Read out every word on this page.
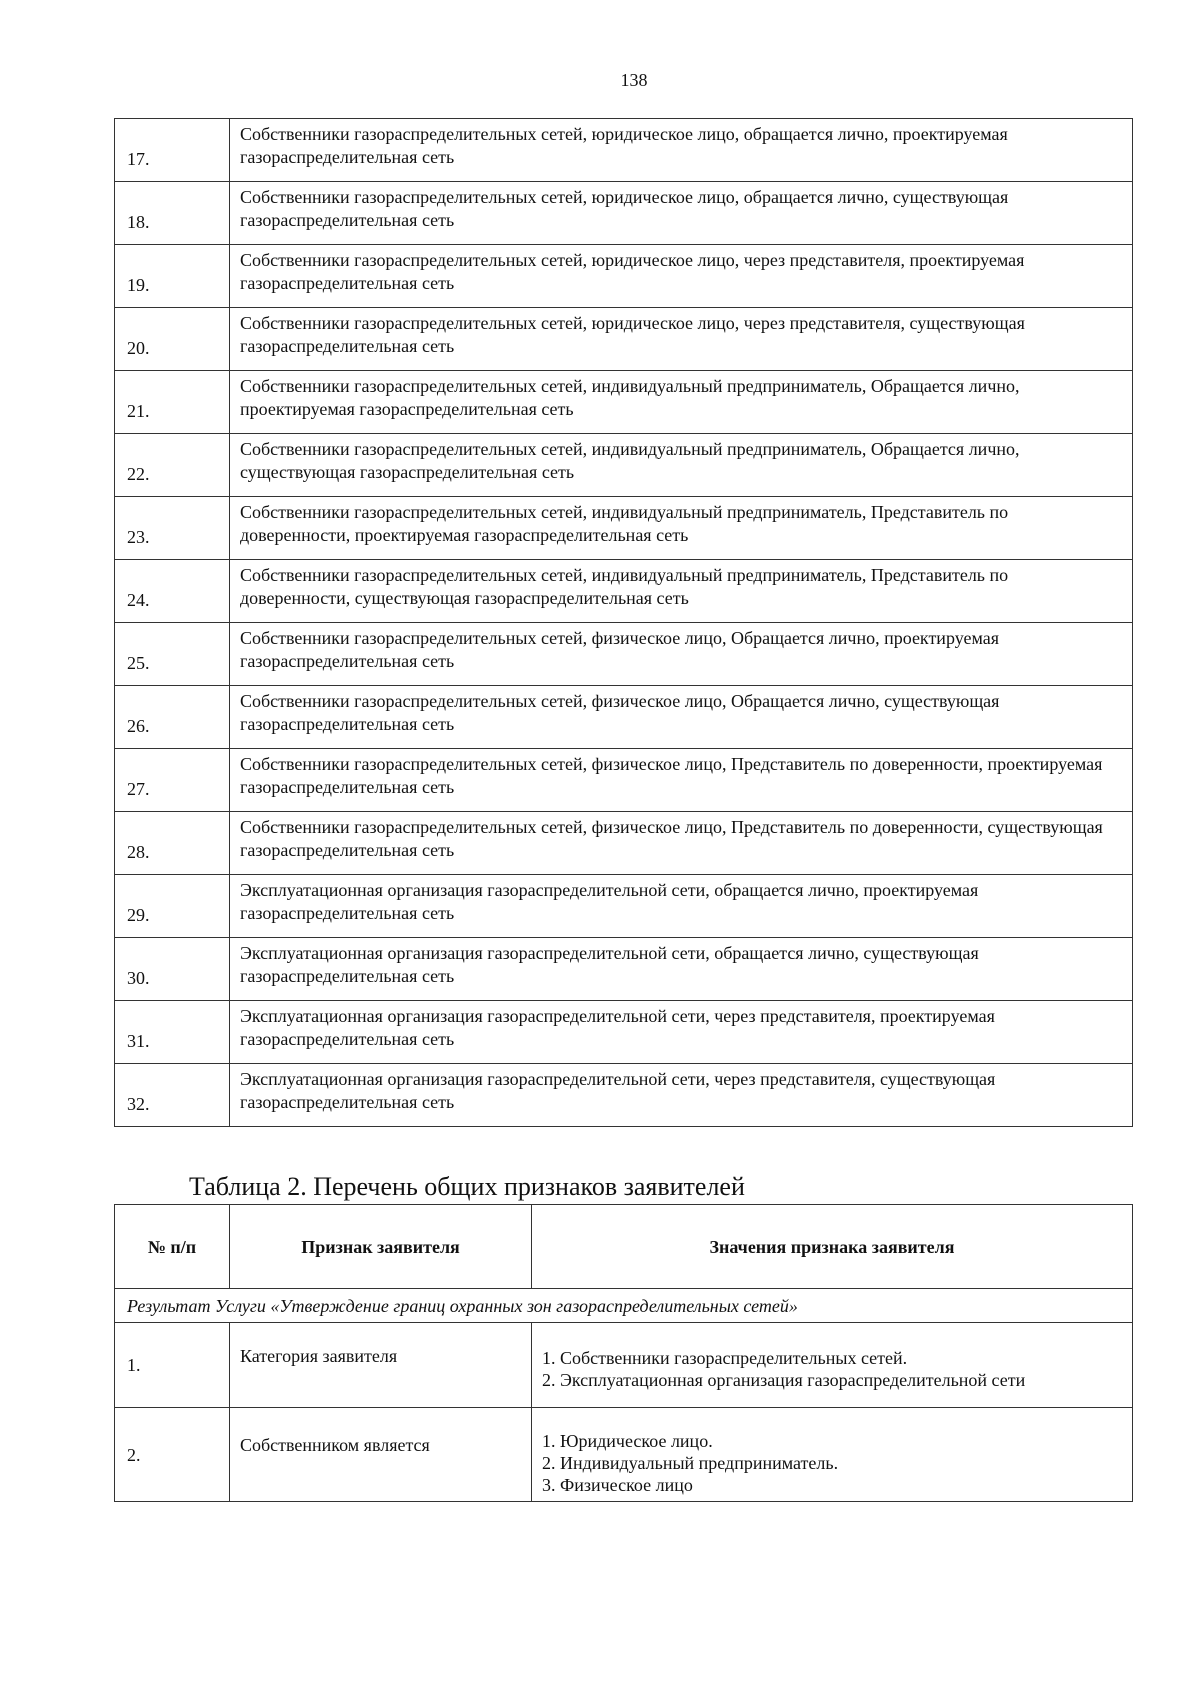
138
17.	Собственники газораспределительных сетей, юридическое лицо, обращается лично, проектируемая газораспределительная сеть
18.	Собственники газораспределительных сетей, юридическое лицо, обращается лично, существующая газораспределительная сеть
19.	Собственники газораспределительных сетей, юридическое лицо, через представителя, проектируемая газораспределительная сеть
20.	Собственники газораспределительных сетей, юридическое лицо, через представителя, существующая газораспределительная сеть
21.	Собственники газораспределительных сетей, индивидуальный предприниматель, Обращается лично, проектируемая газораспределительная сеть
22.	Собственники газораспределительных сетей, индивидуальный предприниматель, Обращается лично, существующая газораспределительная сеть
23.	Собственники газораспределительных сетей, индивидуальный предприниматель, Представитель по доверенности, проектируемая газораспределительная сеть
24.	Собственники газораспределительных сетей, индивидуальный предприниматель, Представитель по доверенности, существующая газораспределительная сеть
25.	Собственники газораспределительных сетей, физическое лицо, Обращается лично, проектируемая газораспределительная сеть
26.	Собственники газораспределительных сетей, физическое лицо, Обращается лично, существующая газораспределительная сеть
27.	Собственники газораспределительных сетей, физическое лицо, Представитель по доверенности, проектируемая газораспределительная сеть
28.	Собственники газораспределительных сетей, физическое лицо, Представитель по доверенности, существующая газораспределительная сеть
29.	Эксплуатационная организация газораспределительной сети, обращается лично, проектируемая газораспределительная сеть
30.	Эксплуатационная организация газораспределительной сети, обращается лично, существующая газораспределительная сеть
31.	Эксплуатационная организация газораспределительной сети, через представителя, проектируемая газораспределительная сеть
32.	Эксплуатационная организация газораспределительной сети, через представителя, существующая газораспределительная сеть
Таблица 2. Перечень общих признаков заявителей
№ п/п	Признак заявителя	Значения признака заявителя
Результат Услуги «Утверждение границ охранных зон газораспределительных сетей»		
1.	Категория заявителя	1. Собственники газораспределительных сетей.
2. Эксплуатационная организация газораспределительной сети

2.	Собственником является	1. Юридическое лицо.
2. Индивидуальный предприниматель.
3. Физическое лицо
